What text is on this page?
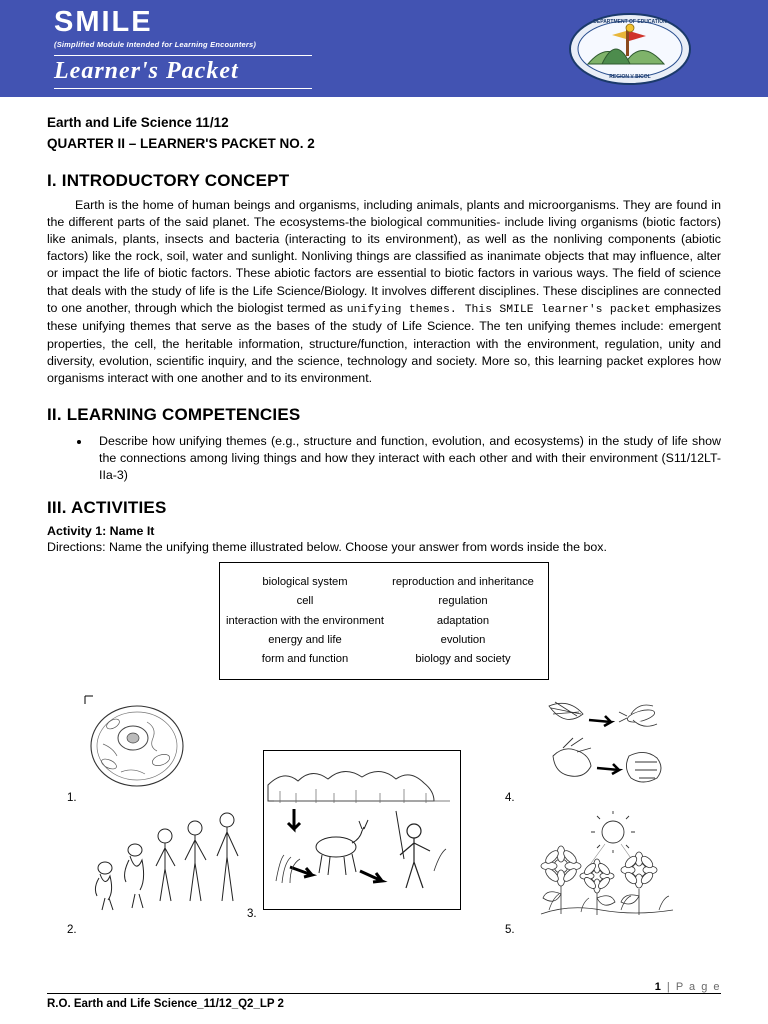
SMILE
(Simplified Module Intended for Learning Encounters)
Learner's Packet
DEPARTMENT OF EDUCATION
REGION V BICOL
Earth and Life Science 11/12
QUARTER II – LEARNER'S PACKET NO. 2
I. INTRODUCTORY CONCEPT

Earth is the home of human beings and organisms, including animals, plants and microorganisms. They are found in the different parts of the said planet. The ecosystems-the biological communities- include living organisms (biotic factors) like animals, plants, insects and bacteria (interacting to its environment), as well as the nonliving components (abiotic factors) like the rock, soil, water and sunlight. Nonliving things are classified as inanimate objects that may influence, alter or impact the life of biotic factors. These abiotic factors are essential to biotic factors in various ways. The field of science that deals with the study of life is the Life Science/Biology. It involves different disciplines. These disciplines are connected to one another, through which the biologist termed as unifying themes. This SMILE learner's packet emphasizes these unifying themes that serve as the bases of the study of Life Science. The ten unifying themes include: emergent properties, the cell, the heritable information, structure/function, interaction with the environment, regulation, unity and diversity, evolution, scientific inquiry, and the science, technology and society. More so, this learning packet explores how organisms interact with one another and to its environment.

II. LEARNING COMPETENCIES
• Describe how unifying themes (e.g., structure and function, evolution, and ecosystems) in the study of life show the connections among living things and how they interact with each other and with their environment (S11/12LT-IIa-3)
III. ACTIVITIES
Activity 1: Name It
Directions: Name the unifying theme illustrated below. Choose your answer from words inside the box.
biological system
cell
interaction with the environment
energy and life
form and function
reproduction and inheritance
regulation
adaptation
evolution
biology and society
1.
2.
3.
4.
5.
1 | P a g e
R.O. Earth and Life Science_11/12_Q2_LP 2
